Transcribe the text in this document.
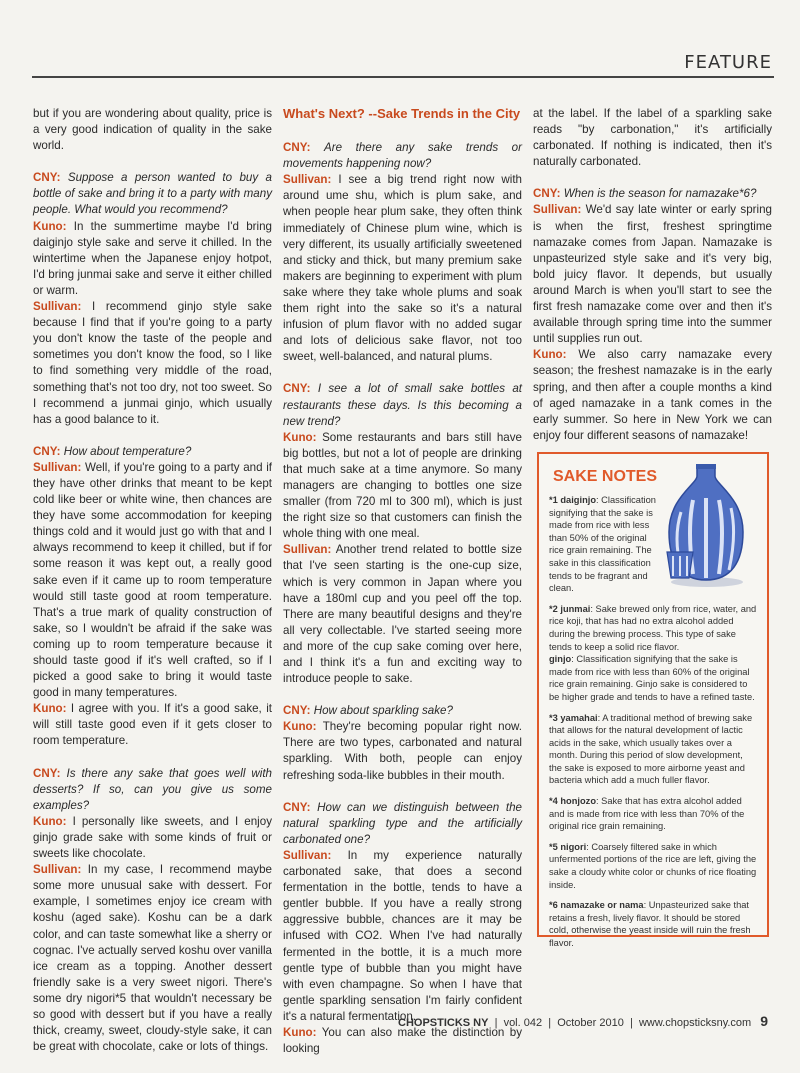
FEATURE

but if you are wondering about quality, price is a very good indication of quality in the sake world.

CNY: Suppose a person wanted to buy a bottle of sake and bring it to a party with many people. What would you recommend?

Kuno: In the summertime maybe I'd bring daiginjo style sake and serve it chilled. In the wintertime when the Japanese enjoy hotpot, I'd bring junmai sake and serve it either chilled or warm.

Sullivan: I recommend ginjo style sake because I find that if you're going to a party you don't know the taste of the people and sometimes you don't know the food, so I like to find something very middle of the road, something that's not too dry, not too sweet. So I recommend a junmai ginjo, which usually has a good balance to it.

CNY: How about temperature?

Sullivan: Well, if you're going to a party and if they have other drinks that meant to be kept cold like beer or white wine, then chances are they have some accommodation for keeping things cold and it would just go with that and I always recommend to keep it chilled, but if for some reason it was kept out, a really good sake even if it came up to room temperature would still taste good at room temperature. That's a true mark of quality construction of sake, so I wouldn't be afraid if the sake was coming up to room temperature because it should taste good if it's well crafted, so if I picked a good sake to bring it would taste good in many temperatures.

Kuno: I agree with you. If it's a good sake, it will still taste good even if it gets closer to room temperature.

CNY: Is there any sake that goes well with desserts? If so, can you give us some examples?

Kuno: I personally like sweets, and I enjoy ginjo grade sake with some kinds of fruit or sweets like chocolate.

Sullivan: In my case, I recommend maybe some more unusual sake with dessert. For example, I sometimes enjoy ice cream with koshu (aged sake). Koshu can be a dark color, and can taste somewhat like a sherry or cognac. I've actually served koshu over vanilla ice cream as a topping. Another dessert friendly sake is a very sweet nigori. There's some dry nigori*5 that wouldn't necessary be so good with dessert but if you have a really thick, creamy, sweet, cloudy-style sake, it can be great with chocolate, cake or lots of things.

What's Next? --Sake Trends in the City

CNY: Are there any sake trends or movements happening now?

Sullivan: I see a big trend right now with around ume shu, which is plum sake, and when people hear plum sake, they often think immediately of Chinese plum wine, which is very different, its usually artificially sweetened and sticky and thick, but many premium sake makers are beginning to experiment with plum sake where they take whole plums and soak them right into the sake so it's a natural infusion of plum flavor with no added sugar and lots of delicious sake flavor, not too sweet, well-balanced, and natural plums.

CNY: I see a lot of small sake bottles at restaurants these days. Is this becoming a new trend?

Kuno: Some restaurants and bars still have big bottles, but not a lot of people are drinking that much sake at a time anymore. So many managers are changing to bottles one size smaller (from 720 ml to 300 ml), which is just the right size so that customers can finish the whole thing with one meal.

Sullivan: Another trend related to bottle size that I've seen starting is the one-cup size, which is very common in Japan where you have a 180ml cup and you peel off the top. There are many beautiful designs and they're all very collectable. I've started seeing more and more of the cup sake coming over here, and I think it's a fun and exciting way to introduce people to sake.

CNY: How about sparkling sake?

Kuno: They're becoming popular right now. There are two types, carbonated and natural sparkling. With both, people can enjoy refreshing soda-like bubbles in their mouth.

CNY: How can we distinguish between the natural sparkling type and the artificially carbonated one?

Sullivan: In my experience naturally carbonated sake, that does a second fermentation in the bottle, tends to have a gentler bubble. If you have a really strong aggressive bubble, chances are it may be infused with CO2. When I've had naturally fermented in the bottle, it is a much more gentle type of bubble than you might have with even champagne. So when I have that gentle sparkling sensation I'm fairly confident it's a natural fermentation.

Kuno: You can also make the distinction by looking

at the label. If the label of a sparkling sake reads "by carbonation," it's artificially carbonated. If nothing is indicated, then it's naturally carbonated.

CNY: When is the season for namazake*6?

Sullivan: We'd say late winter or early spring is when the first, freshest springtime namazake comes from Japan. Namazake is unpasteurized style sake and it's very big, bold juicy flavor. It depends, but usually around March is when you'll start to see the first fresh namazake come over and then it's available through spring time into the summer until supplies run out.

Kuno: We also carry namazake every season; the freshest namazake is in the early spring, and then after a couple months a kind of aged namazake in a tank comes in the early summer. So here in New York we can enjoy four different seasons of namazake!

SAKE NOTES

*1 daiginjo: Classification signifying that the sake is made from rice with less than 50% of the original rice grain remaining. The sake in this classification tends to be fragrant and clean.

*2 junmai: Sake brewed only from rice, water, and rice koji, that has had no extra alcohol added during the brewing process. This type of sake tends to keep a solid rice flavor.

ginjo: Classification signifying that the sake is made from rice with less than 60% of the original rice grain remaining. Ginjo sake is considered to be higher grade and tends to have a refined taste.

*3 yamahai: A traditional method of brewing sake that allows for the natural development of lactic acids in the sake, which usually takes over a month. During this period of slow development, the sake is exposed to more airborne yeast and bacteria which add a much fuller flavor.

*4 honjozo: Sake that has extra alcohol added and is made from rice with less than 70% of the original rice grain remaining.

*5 nigori: Coarsely filtered sake in which unfermented portions of the rice are left, giving the sake a cloudy white color or chunks of rice floating inside.

*6 namazake or nama: Unpasteurized sake that retains a fresh, lively flavor. It should be stored cold, otherwise the yeast inside will ruin the fresh flavor.

CHOPSTICKS NY  |  vol. 042  |  October 2010  |  www.chopsticksny.com 9
